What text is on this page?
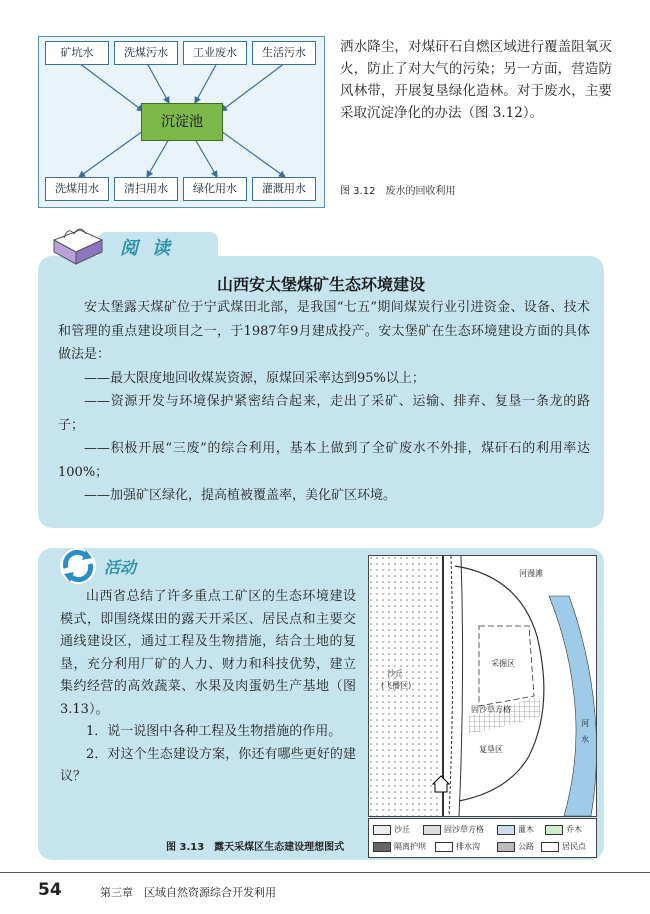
矿坑水	洗煤污水	工业废水	生活污水
沉淀池
洗煤用水	清扫用水	绿化用水	灌溉用水
洒水降尘，对煤矸石自燃区域进行覆盖阻氧灭火，防止了对大气的污染；另一方面，营造防风林带，开展复垦绿化造林。对于废水，主要采取沉淀净化的办法（图 3.12）。
图 3.12　废水的回收利用
阅读
山西安太堡煤矿生态环境建设

安太堡露天煤矿位于宁武煤田北部，是我国“七五”期间煤炭行业引进资金、设备、技术和管理的重点建设项目之一，于1987年9月建成投产。安太堡矿在生态环境建设方面的具体做法是：

——最大限度地回收煤炭资源，原煤回采率达到95%以上；

——资源开发与环境保护紧密结合起来，走出了采矿、运输、排弃、复垦一条龙的路子；

——积极开展“三废”的综合利用，基本上做到了全矿废水不外排，煤矸石的利用率达100%；

——加强矿区绿化，提高植被覆盖率，美化矿区环境。

活动

山西省总结了许多重点工矿区的生态环境建设模式，即围绕煤田的露天开采区、居民点和主要交通线建设区，通过工程及生物措施，结合土地的复垦，充分利用厂矿的人力、财力和科技优势，建立集约经营的高效蔬菜、水果及肉蛋奶生产基地（图 3.13）。

1．说一说图中各种工程及生物措施的作用。

2．对这个生态建设方案，你还有哪些更好的建议？

河漫滩
采掘区
沙丘
(飞播区)
固沙草方格
复垦区
河
水
沙丘	固沙草方格	灌木	乔木
隔离护坝	排水沟	公路	居民点
图 3.13　露天采煤区生态建设理想图式
54	第三章　区域自然资源综合开发利用
